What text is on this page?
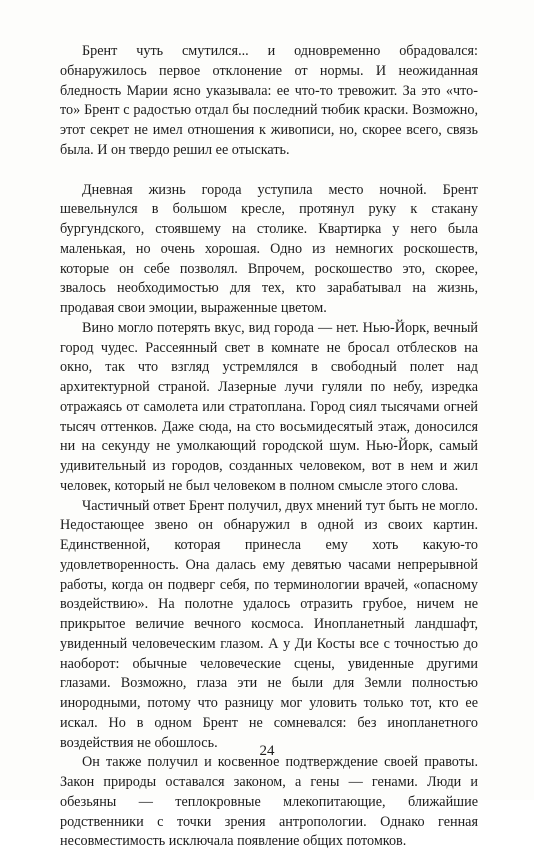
Брент чуть смутился... и одновременно обрадовался: обнаружилось первое отклонение от нормы. И неожиданная бледность Марии ясно указывала: ее что-то тревожит. За это «что-то» Брент с радостью отдал бы последний тюбик краски. Возможно, этот секрет не имел отношения к живописи, но, скорее всего, связь была. И он твердо решил ее отыскать.

Дневная жизнь города уступила место ночной. Брент шевельнулся в большом кресле, протянул руку к стакану бургундского, стоявшему на столике. Квартирка у него была маленькая, но очень хорошая. Одно из немногих роскошеств, которые он себе позволял. Впрочем, роскошество это, скорее, звалось необходимостью для тех, кто зарабатывал на жизнь, продавая свои эмоции, выраженные цветом.

Вино могло потерять вкус, вид города — нет. Нью-Йорк, вечный город чудес. Рассеянный свет в комнате не бросал отблесков на окно, так что взгляд устремлялся в свободный полет над архитектурной страной. Лазерные лучи гуляли по небу, изредка отражаясь от самолета или стратоплана. Город сиял тысячами огней тысяч оттенков. Даже сюда, на сто восьмидесятый этаж, доносился ни на секунду не умолкающий городской шум. Нью-Йорк, самый удивительный из городов, созданных человеком, вот в нем и жил человек, который не был человеком в полном смысле этого слова.

Частичный ответ Брент получил, двух мнений тут быть не могло. Недостающее звено он обнаружил в одной из своих картин. Единственной, которая принесла ему хоть какую-то удовлетворенность. Она далась ему девятью часами непрерывной работы, когда он подверг себя, по терминологии врачей, «опасному воздействию». На полотне удалось отразить грубое, ничем не прикрытое величие вечного космоса. Инопланетный ландшафт, увиденный человеческим глазом. А у Ди Косты все с точностью до наоборот: обычные человеческие сцены, увиденные другими глазами. Возможно, глаза эти не были для Земли полностью инородными, потому что разницу мог уловить только тот, кто ее искал. Но в одном Брент не сомневался: без инопланетного воздействия не обошлось.

Он также получил и косвенное подтверждение своей правоты. Закон природы оставался законом, а гены — генами. Люди и обезьяны — теплокровные млекопитающие, ближайшие родственники с точки зрения антропологии. Однако генная несовместимость исключала появление общих потомков.

24
